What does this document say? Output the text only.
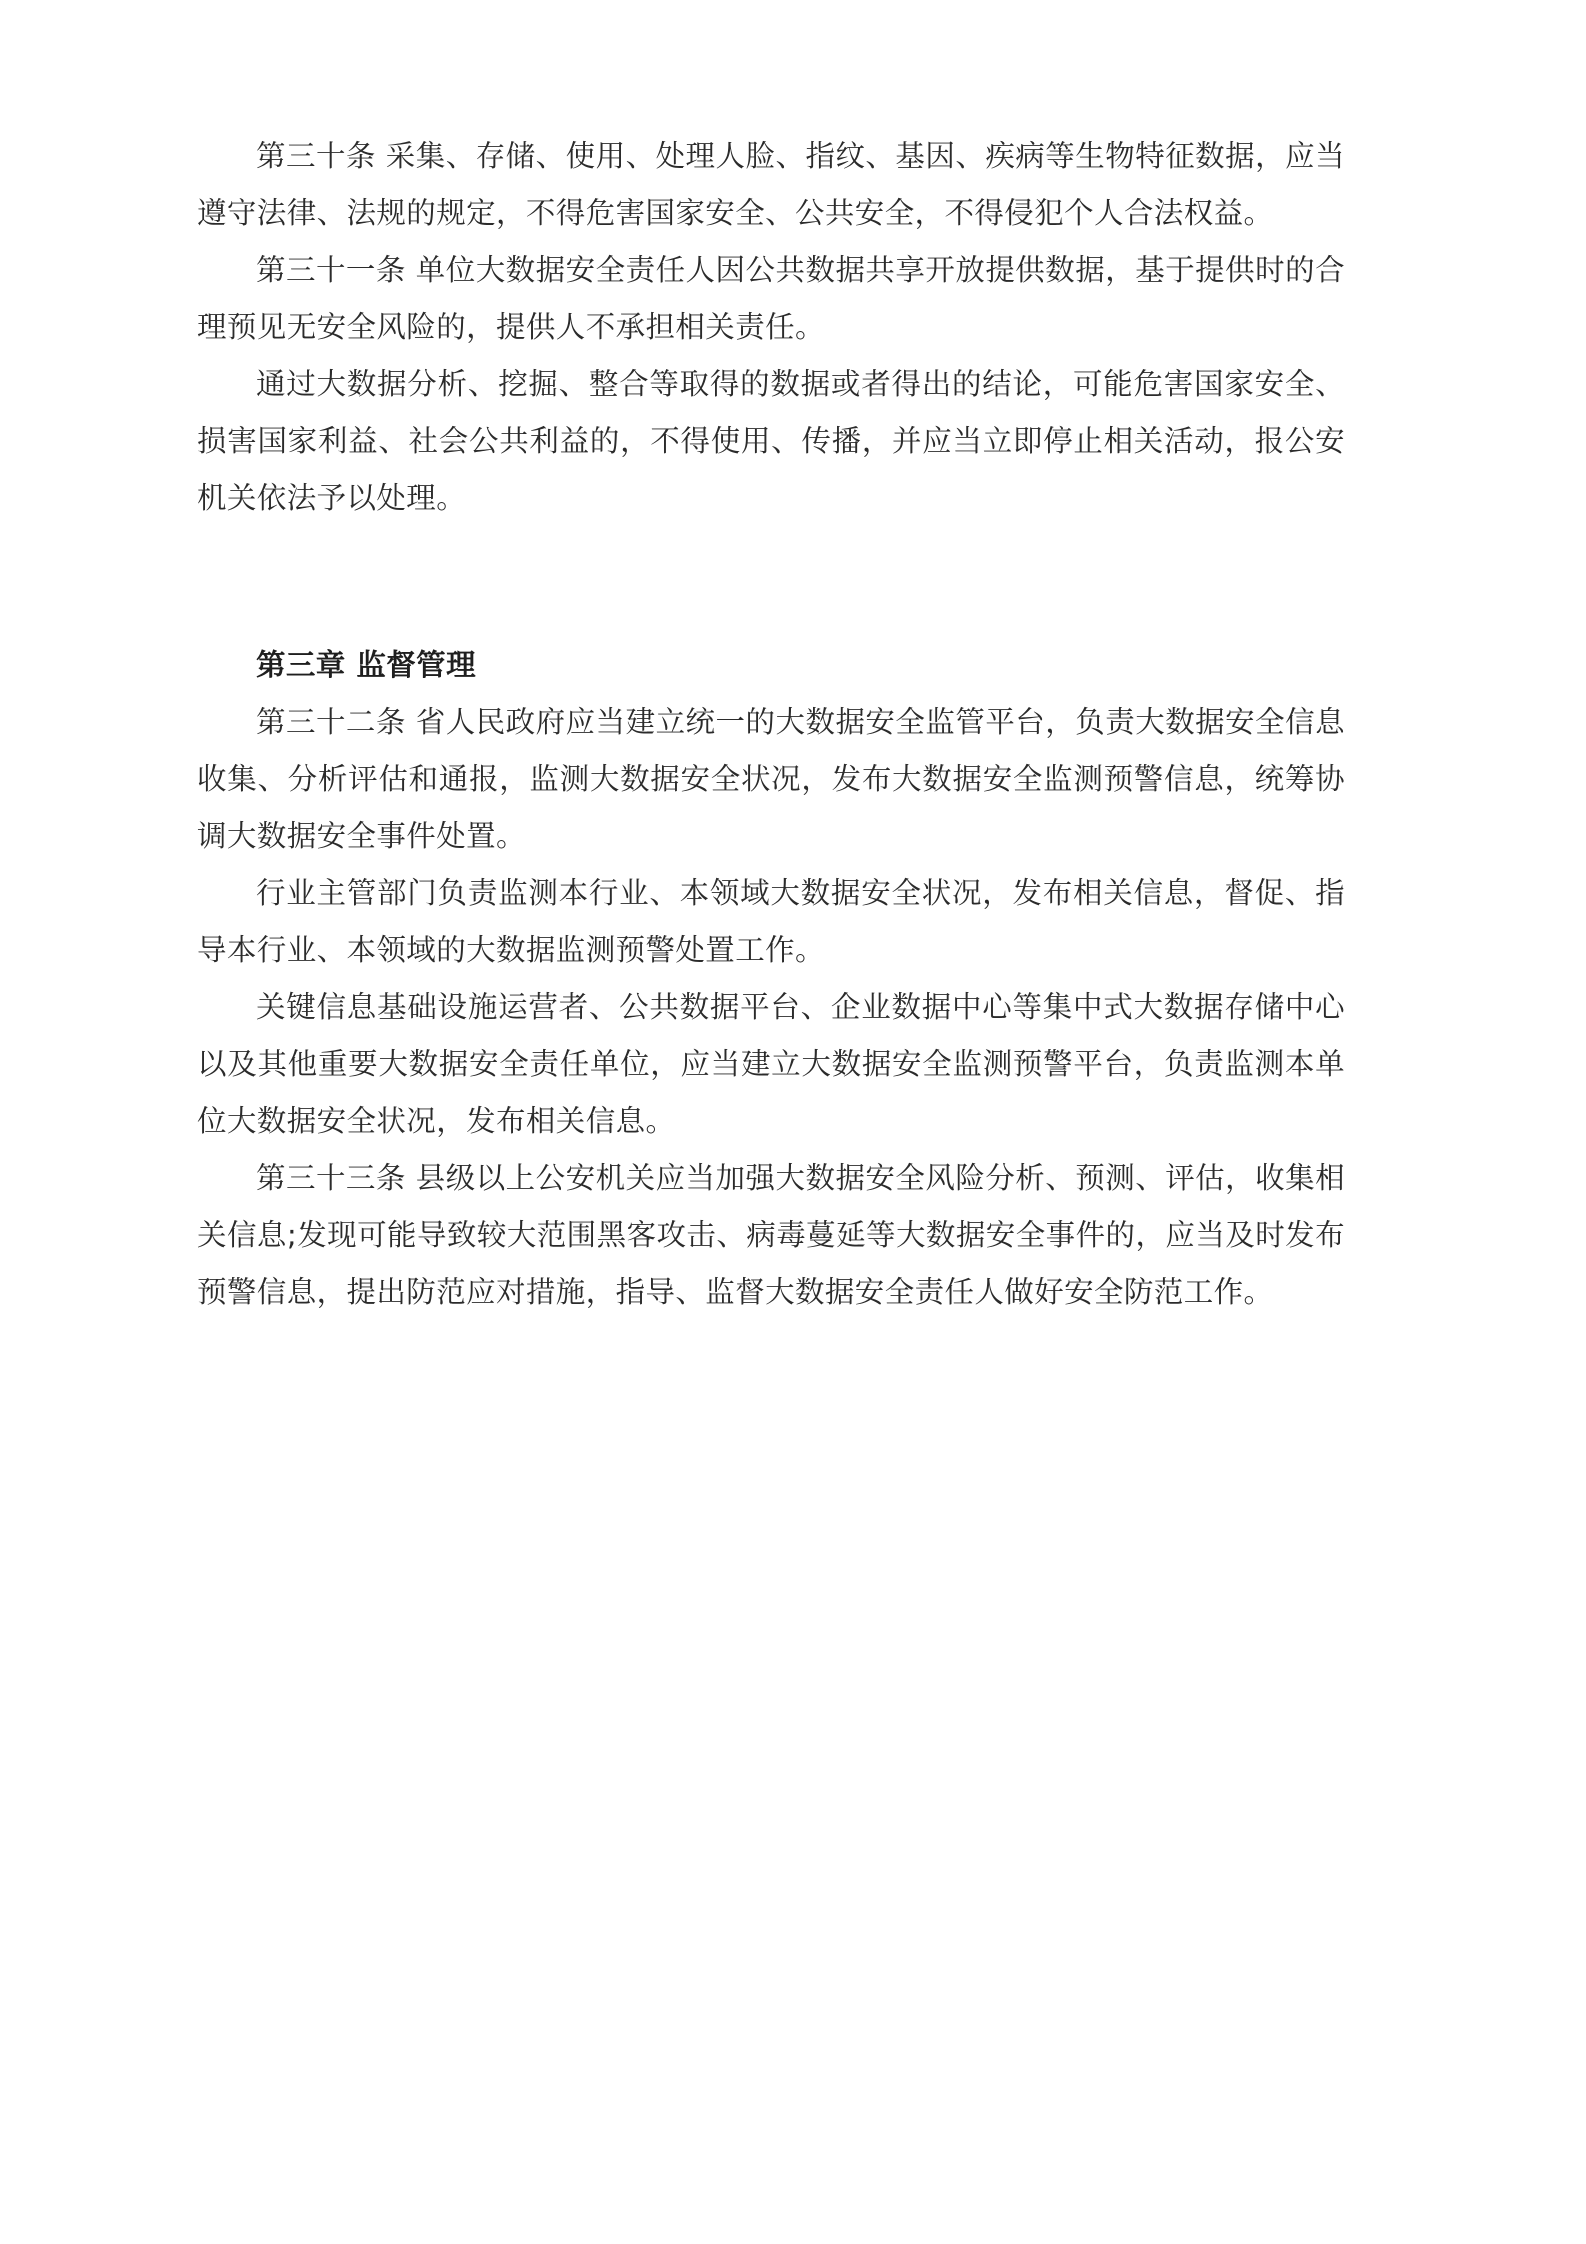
第三十条 采集、存储、使用、处理人脸、指纹、基因、疾病等生物特征数据，应当遵守法律、法规的规定，不得危害国家安全、公共安全，不得侵犯个人合法权益。

第三十一条 单位大数据安全责任人因公共数据共享开放提供数据，基于提供时的合理预见无安全风险的，提供人不承担相关责任。

通过大数据分析、挖掘、整合等取得的数据或者得出的结论，可能危害国家安全、损害国家利益、社会公共利益的，不得使用、传播，并应当立即停止相关活动，报公安机关依法予以处理。

第三章 监督管理

第三十二条 省人民政府应当建立统一的大数据安全监管平台，负责大数据安全信息收集、分析评估和通报，监测大数据安全状况，发布大数据安全监测预警信息，统筹协调大数据安全事件处置。

行业主管部门负责监测本行业、本领域大数据安全状况，发布相关信息，督促、指导本行业、本领域的大数据监测预警处置工作。

关键信息基础设施运营者、公共数据平台、企业数据中心等集中式大数据存储中心以及其他重要大数据安全责任单位，应当建立大数据安全监测预警平台，负责监测本单位大数据安全状况，发布相关信息。

第三十三条 县级以上公安机关应当加强大数据安全风险分析、预测、评估，收集相关信息;发现可能导致较大范围黑客攻击、病毒蔓延等大数据安全事件的，应当及时发布预警信息，提出防范应对措施，指导、监督大数据安全责任人做好安全防范工作。
